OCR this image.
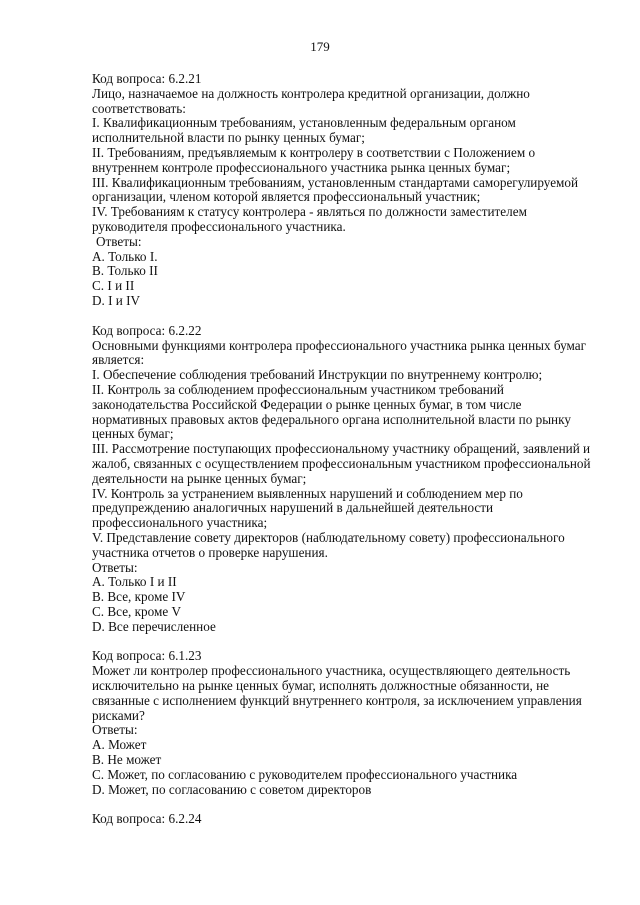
179
Код вопроса: 6.2.21
Лицо, назначаемое на должность контролера кредитной организации, должно
соответствовать:
I. Квалификационным требованиям, установленным федеральным органом
исполнительной власти по рынку ценных бумаг;
II. Требованиям, предъявляемым к контролеру в соответствии с Положением о
внутреннем контроле профессионального участника рынка ценных бумаг;
III. Квалификационным требованиям, установленным стандартами саморегулируемой
организации, членом которой является профессиональный участник;
IV. Требованиям к статусу контролера - являться по должности заместителем
руководителя профессионального участника.
Ответы:
A. Только I.
B. Только II
C. I и II
D. I и IV
Код вопроса: 6.2.22
Основными функциями контролера профессионального участника рынка ценных бумаг
является:
I. Обеспечение соблюдения требований Инструкции по внутреннему контролю;
II. Контроль за соблюдением профессиональным участником требований
законодательства Российской Федерации о рынке ценных бумаг, в том числе
нормативных правовых актов федерального органа исполнительной власти по рынку
ценных бумаг;
III. Рассмотрение поступающих профессиональному участнику обращений, заявлений и
жалоб, связанных с осуществлением профессиональным участником профессиональной
деятельности на рынке ценных бумаг;
IV. Контроль за устранением выявленных нарушений и соблюдением мер по
предупреждению аналогичных нарушений в дальнейшей деятельности
профессионального участника;
V. Представление совету директоров (наблюдательному совету) профессионального
участника отчетов о проверке нарушения.
Ответы:
A. Только I и II
B. Все, кроме IV
C. Все, кроме V
D. Все перечисленное
Код вопроса: 6.1.23
Может ли контролер профессионального участника, осуществляющего деятельность
исключительно на рынке ценных бумаг, исполнять должностные обязанности, не
связанные с исполнением функций внутреннего контроля, за исключением управления
рисками?
Ответы:
A. Может
B. Не может
C. Может, по согласованию с руководителем профессионального участника
D. Может, по согласованию с советом директоров
Код вопроса: 6.2.24
